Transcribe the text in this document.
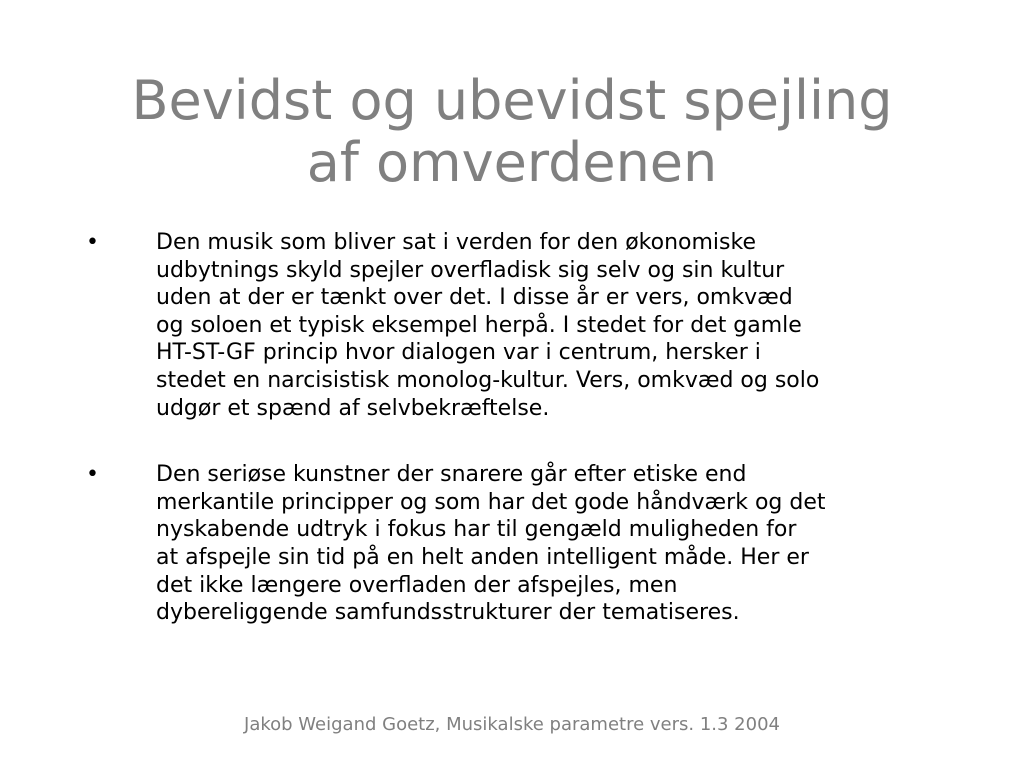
Bevidst og ubevidst spejling
af omverdenen
•	Den musik som bliver sat i verden for den økonomiske
udbytnings skyld spejler overfladisk sig selv og sin kultur
uden at der er tænkt over det. I disse år er vers, omkvæd
og soloen et typisk eksempel herpå. I stedet for det gamle
HT-ST-GF princip hvor dialogen var i centrum, hersker i
stedet en narcisistisk monolog-kultur. Vers, omkvæd og solo
udgør et spænd af selvbekræftelse.
•	Den seriøse kunstner der snarere går efter etiske end
merkantile principper og som har det gode håndværk og det
nyskabende udtryk i fokus har til gengæld muligheden for
at afspejle sin tid på en helt anden intelligent måde. Her er
det ikke længere overfladen der afspejles, men
dybereliggende samfundsstrukturer der tematiseres.
Jakob Weigand Goetz, Musikalske parametre vers. 1.3 2004
